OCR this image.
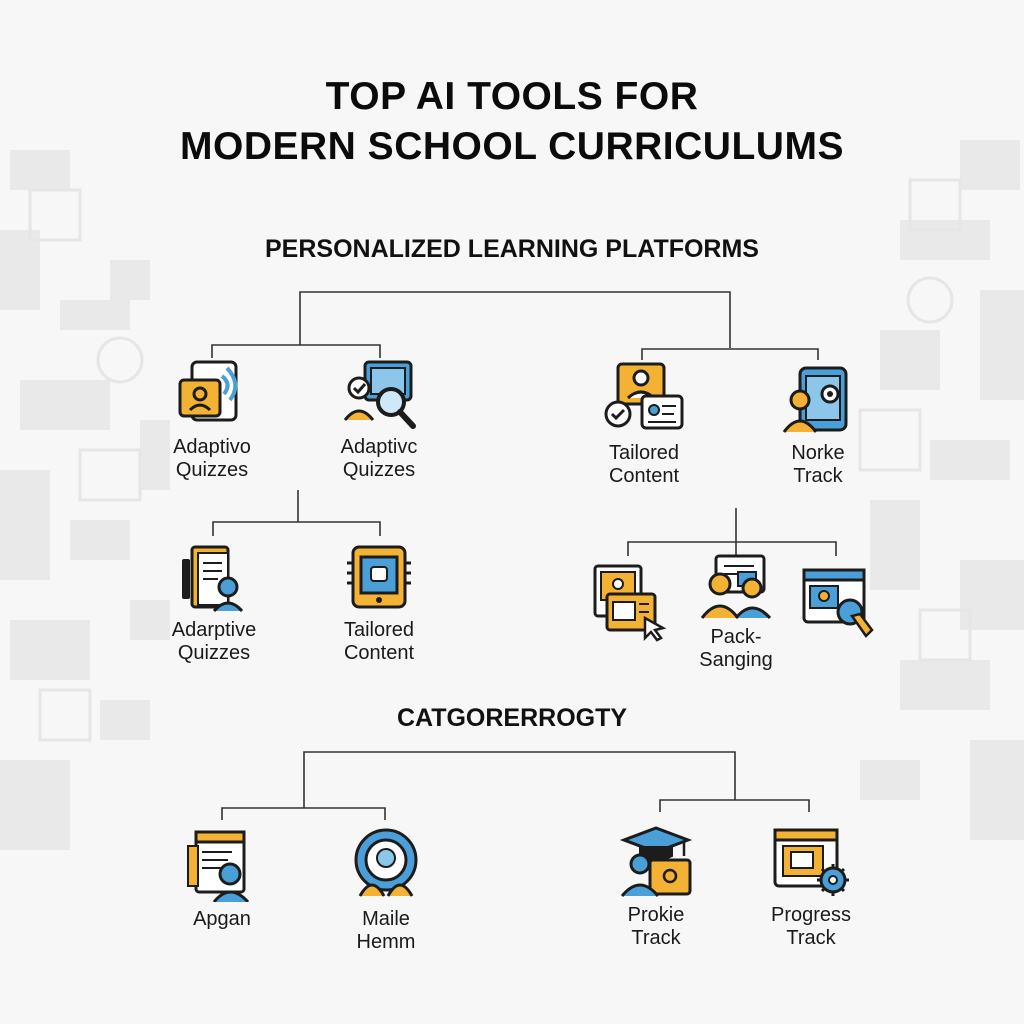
TOP AI TOOLS FOR
MODERN SCHOOL CURRICULUMS
PERSONALIZED LEARNING PLATFORMS
CATGORERROGTY
Adaptivo
Quizzes
Adaptivc
Quizzes
Tailored
Content
Norke
Track
Adarptive
Quizzes
Tailored
Content
Pack-
Sanging
Apgan	Maile
Hemm
Prokie
Track
Progress
Track
